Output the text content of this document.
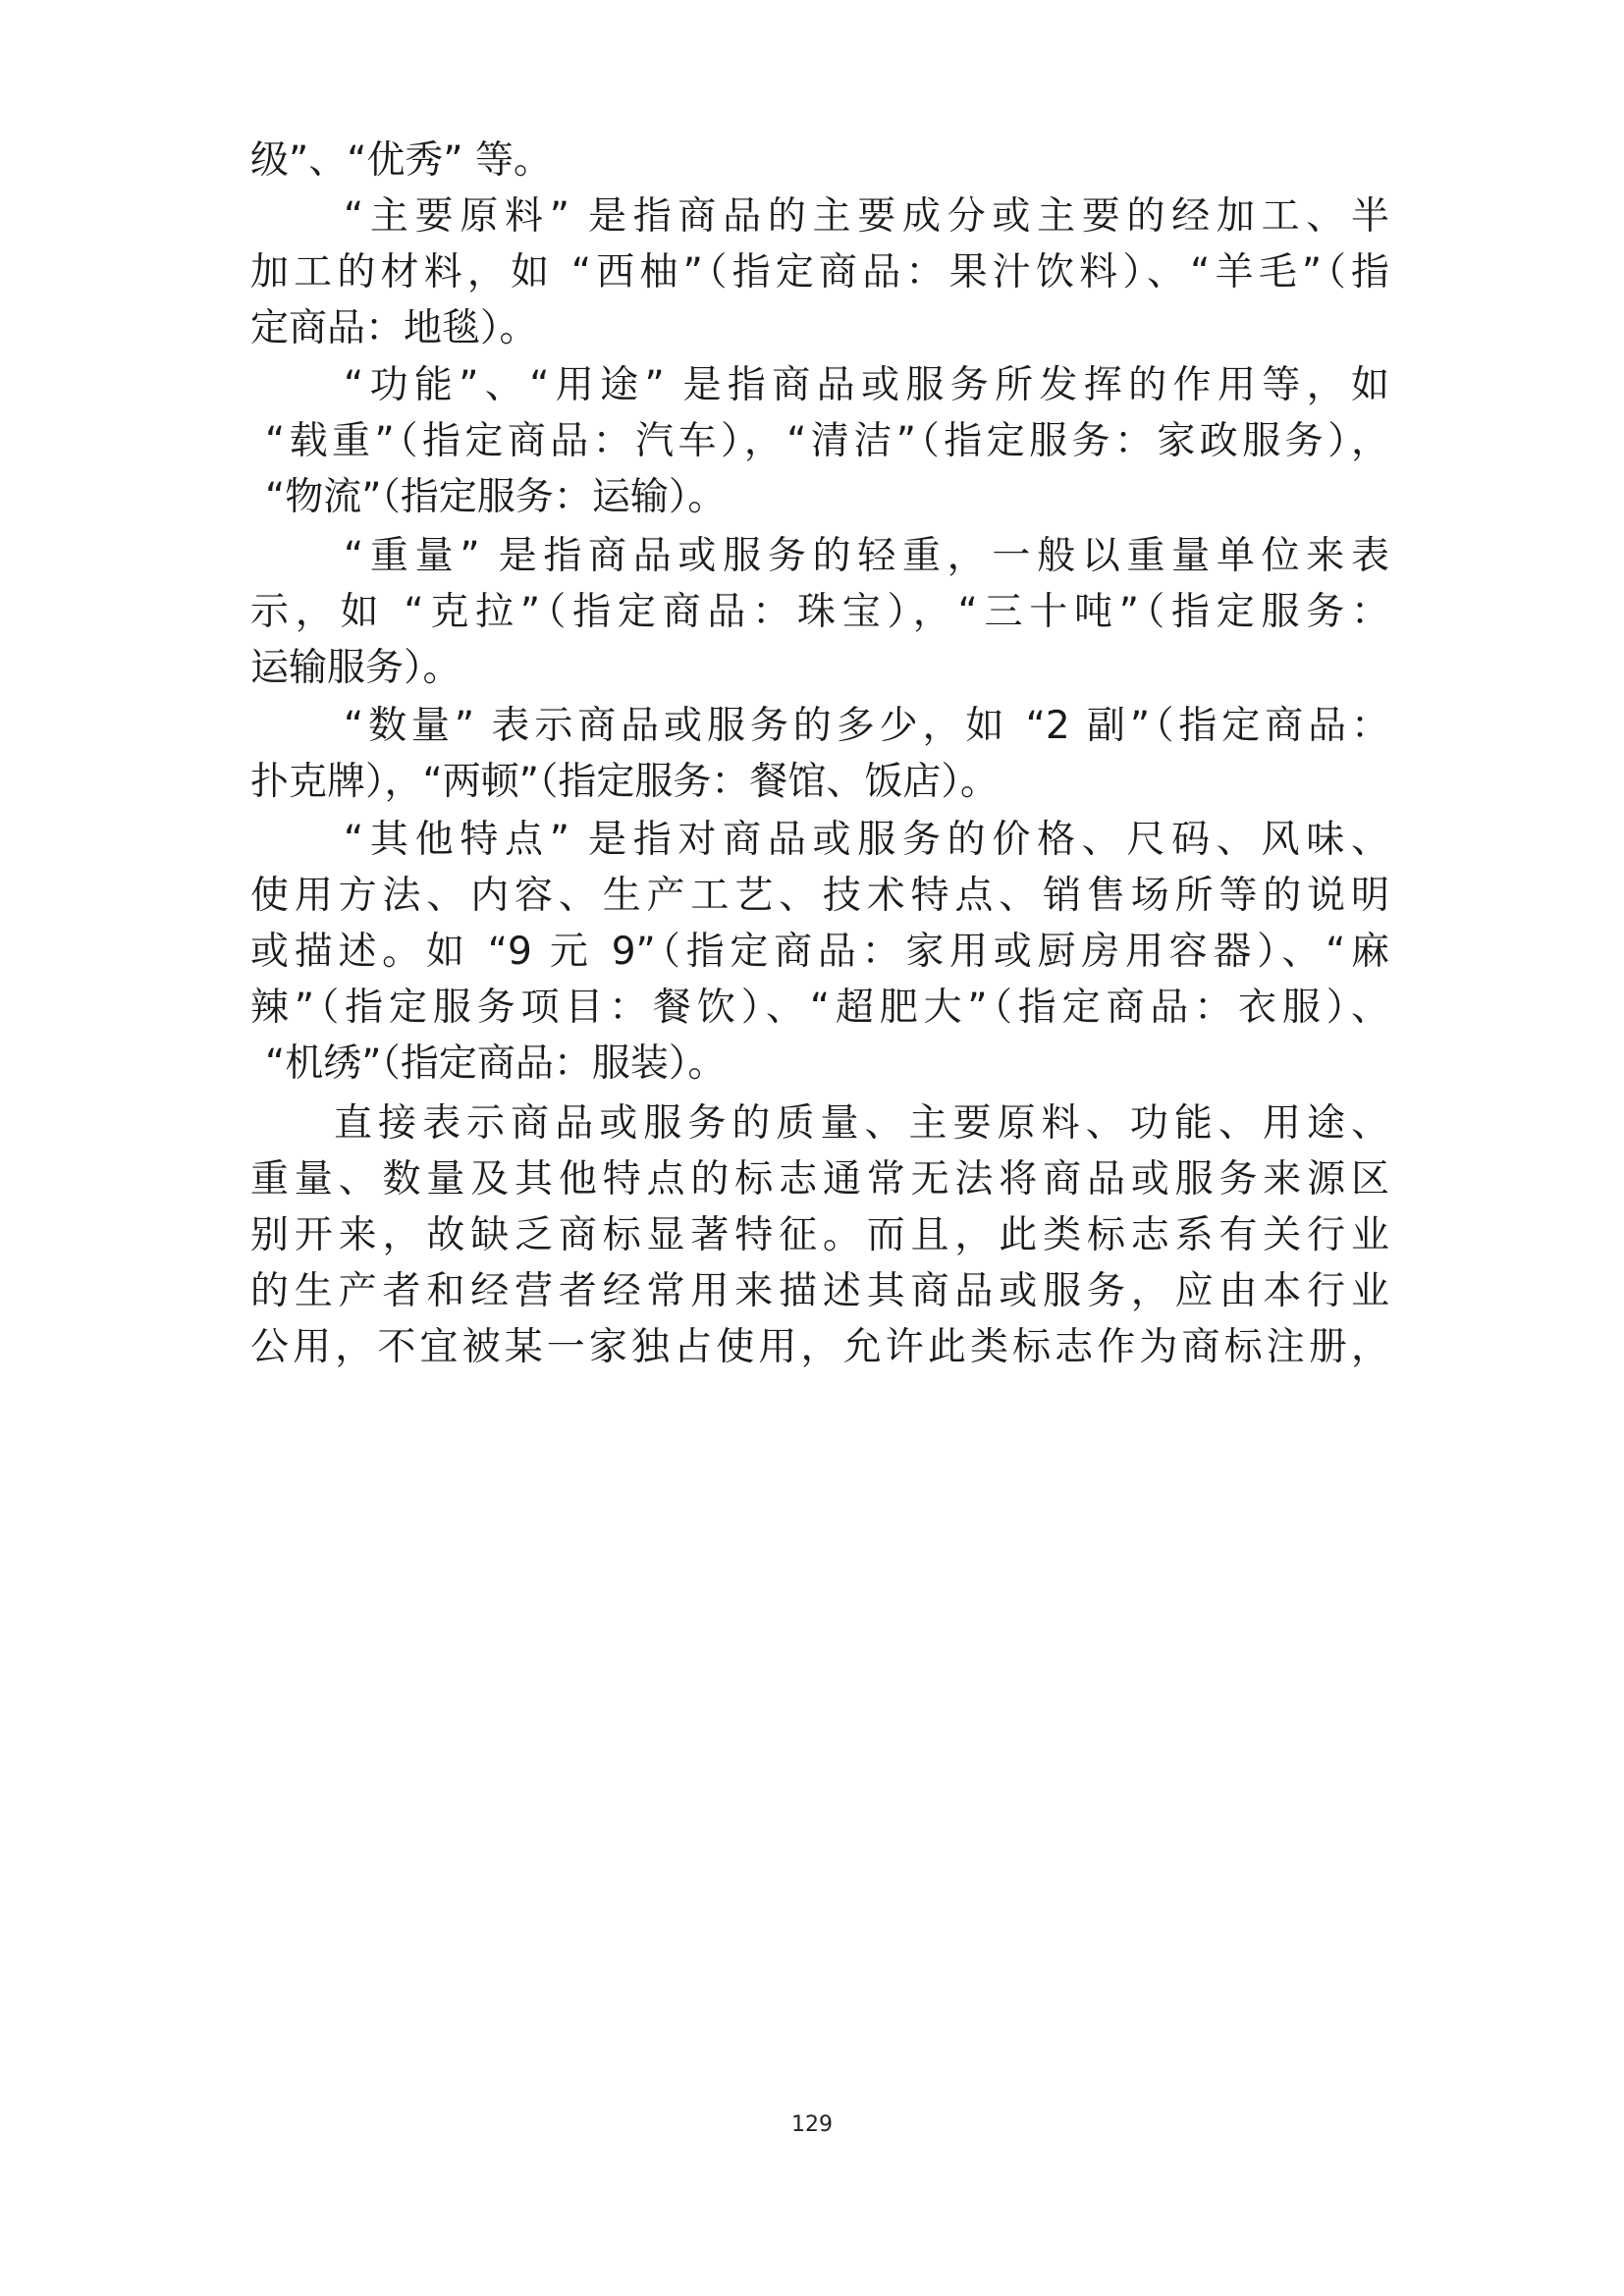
级”、“优秀” 等。
“主要原料” 是指商品的主要成分或主要的经加工、半
加工的材料，如 “西柚”（指定商品：果汁饮料）、“羊毛”（指
定商品：地毯）。
“功能”、“用途” 是指商品或服务所发挥的作用等，如
“载重”（指定商品：汽车），“清洁”（指定服务：家政服务），
“物流”（指定服务：运输）。
“重量” 是指商品或服务的轻重，一般以重量单位来表
示，如 “克拉”（指定商品：珠宝），“三十吨”（指定服务：
运输服务）。
“数量” 表示商品或服务的多少，如 “2 副”（指定商品：
扑克牌），“两顿”（指定服务：餐馆、饭店）。
“其他特点” 是指对商品或服务的价格、尺码、风味、
使用方法、内容、生产工艺、技术特点、销售场所等的说明
或描述。如 “9 元 9”（指定商品：家用或厨房用容器）、“麻
辣”（指定服务项目：餐饮）、“超肥大”（指定商品：衣服）、
“机绣”（指定商品：服装）。
直接表示商品或服务的质量、主要原料、功能、用途、
重量、数量及其他特点的标志通常无法将商品或服务来源区
别开来，故缺乏商标显著特征。而且，此类标志系有关行业
的生产者和经营者经常用来描述其商品或服务，应由本行业
公用，不宜被某一家独占使用，允许此类标志作为商标注册，
129
